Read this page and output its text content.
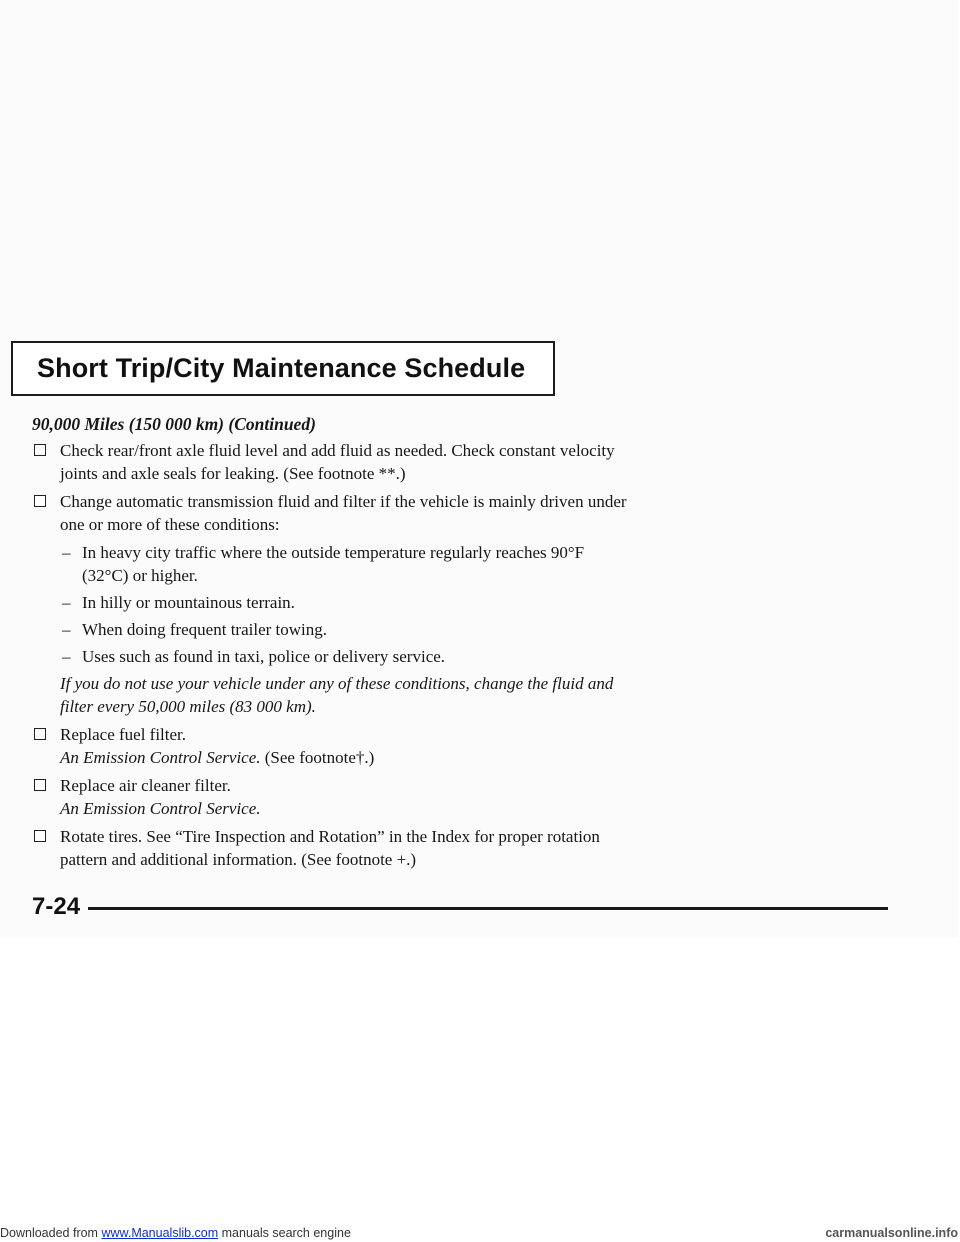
Short Trip/City Maintenance Schedule
90,000 Miles (150 000 km) (Continued)
Check rear/front axle fluid level and add fluid as needed. Check constant velocity joints and axle seals for leaking. (See footnote **.)
Change automatic transmission fluid and filter if the vehicle is mainly driven under one or more of these conditions:
– In heavy city traffic where the outside temperature regularly reaches 90°F (32°C) or higher.
– In hilly or mountainous terrain.
– When doing frequent trailer towing.
– Uses such as found in taxi, police or delivery service.
If you do not use your vehicle under any of these conditions, change the fluid and filter every 50,000 miles (83 000 km).
Replace fuel filter.
An Emission Control Service. (See footnote†.)
Replace air cleaner filter.
An Emission Control Service.
Rotate tires. See “Tire Inspection and Rotation” in the Index for proper rotation pattern and additional information. (See footnote +.)
7-24
Downloaded from www.Manualslib.com manuals search engine	carmanualsonline.info
